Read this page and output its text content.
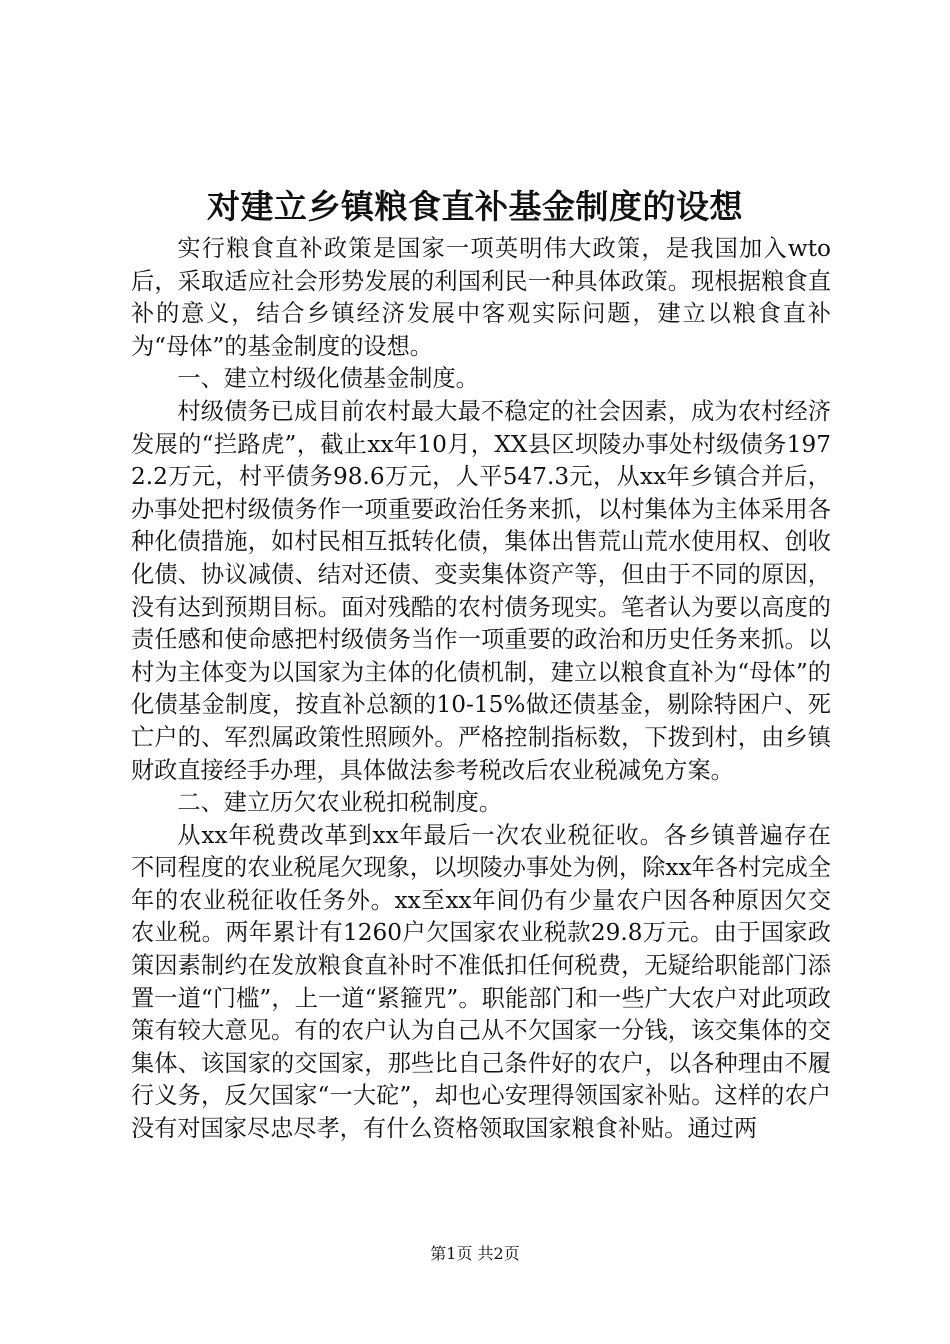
对建立乡镇粮食直补基金制度的设想

实行粮食直补政策是国家一项英明伟大政策，是我国加入wto后，采取适应社会形势发展的利国利民一种具体政策。现根据粮食直补的意义，结合乡镇经济发展中客观实际问题，建立以粮食直补为“母体”的基金制度的设想。

一、建立村级化债基金制度。

村级债务已成目前农村最大最不稳定的社会因素，成为农村经济发展的“拦路虎”，截止xx年10月，XX县区坝陵办事处村级债务1972.2万元，村平债务98.6万元，人平547.3元，从xx年乡镇合并后，办事处把村级债务作一项重要政治任务来抓，以村集体为主体采用各种化债措施，如村民相互抵转化债，集体出售荒山荒水使用权、创收化债、协议减债、结对还债、变卖集体资产等，但由于不同的原因，没有达到预期目标。面对残酷的农村债务现实。笔者认为要以高度的责任感和使命感把村级债务当作一项重要的政治和历史任务来抓。以村为主体变为以国家为主体的化债机制，建立以粮食直补为“母体”的化债基金制度，按直补总额的10-15%做还债基金，剔除特困户、死亡户的、军烈属政策性照顾外。严格控制指标数，下拨到村，由乡镇财政直接经手办理，具体做法参考税改后农业税减免方案。

二、建立历欠农业税扣税制度。

从xx年税费改革到xx年最后一次农业税征收。各乡镇普遍存在不同程度的农业税尾欠现象，以坝陵办事处为例，除xx年各村完成全年的农业税征收任务外。xx至xx年间仍有少量农户因各种原因欠交农业税。两年累计有1260户欠国家农业税款29.8万元。由于国家政策因素制约在发放粮食直补时不准低扣任何税费，无疑给职能部门添置一道“门槛”，上一道“紧箍咒”。职能部门和一些广大农户对此项政策有较大意见。有的农户认为自己从不欠国家一分钱，该交集体的交集体、该国家的交国家，那些比自己条件好的农户，以各种理由不履行义务，反欠国家“一大砣”，却也心安理得领国家补贴。这样的农户没有对国家尽忠尽孝，有什么资格领取国家粮食补贴。通过两

第1页 共2页
